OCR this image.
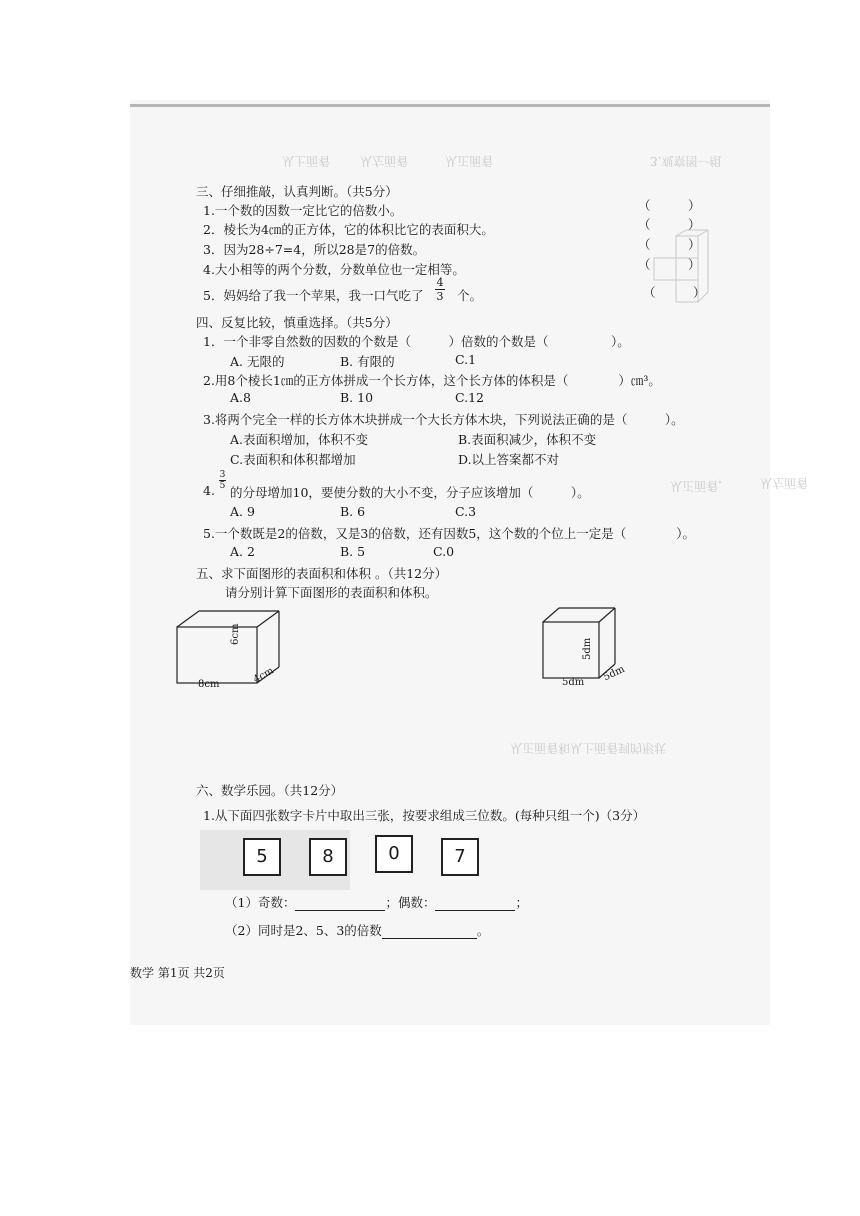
从上面看 从左面看	从正面看	3.观察图一组
从正面看， 从左面看
从正面看和从上面看到的形状
三、仔细推敲，认真判断。（共5分）
1.一个数的因数一定比它的倍数小。
2．棱长为4㎝的正方体，它的体积比它的表面积大。
3．因为28÷7=4，所以28是7的倍数。
4.大小相等的两个分数，分数单位也一定相等。
5．妈妈给了我一个苹果，我一口气吃了
4
3 个。
（　　　）
（　　　）
（　　　）
（　　　）
（　　　）
四、反复比较，慎重选择。（共5分）
1．一个非零自然数的因数的个数是（　　　）倍数的个数是（　　　　　）。
A. 无限的	B. 有限的	C.1
2.用8个棱长1㎝的正方体拼成一个长方体，这个长方体的体积是（　　　　）㎝³。
A.8	B. 10	C.12
3.将两个完全一样的长方体木块拼成一个大长方体木块，下列说法正确的是（　　　）。
A.表面积增加，体积不变	B.表面积减少，体积不变
C.表面积和体积都增加	D.以上答案都不对
4.
3
5 的分母增加10，要使分数的大小不变，分子应该增加（　　　）。
A. 9	B. 6	C.3
5.一个数既是2的倍数，又是3的倍数，还有因数5，这个数的个位上一定是（　　　　）。
A. 2	B. 5	C.0
五、求下面图形的表面积和体积 。（共12分）
请分别计算下面图形的表面积和体积。
6cm
8cm	4cm
5dm
5dm 5dm
六、数学乐园。（共12分）
1.从下面四张数字卡片中取出三张，按要求组成三位数。(每种只组一个)（3分）
5	8	0	7
（1）奇数：	；偶数：	；
（2）同时是2、5、3的倍数	。
数学 第1页 共2页
